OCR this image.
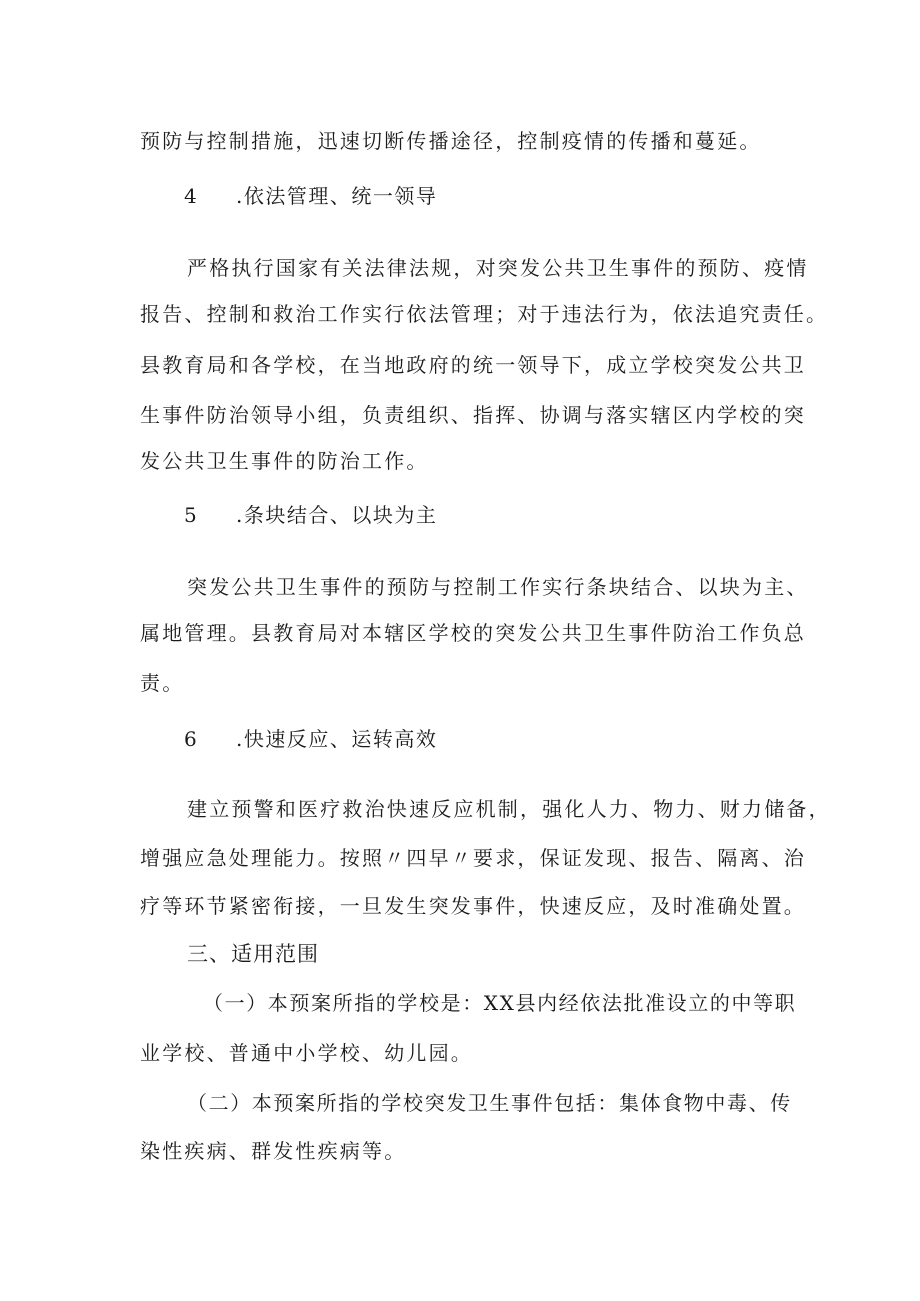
预防与控制措施，迅速切断传播途径，控制疫情的传播和蔓延。
4 .依法管理、统一领导
严格执行国家有关法律法规，对突发公共卫生事件的预防、疫情
报告、控制和救治工作实行依法管理；对于违法行为，依法追究责任。
县教育局和各学校，在当地政府的统一领导下，成立学校突发公共卫
生事件防治领导小组，负责组织、指挥、协调与落实辖区内学校的突
发公共卫生事件的防治工作。
5 .条块结合、以块为主
突发公共卫生事件的预防与控制工作实行条块结合、以块为主、
属地管理。县教育局对本辖区学校的突发公共卫生事件防治工作负总
责。
6 .快速反应、运转高效
建立预警和医疗救治快速反应机制，强化人力、物力、财力储备，
增强应急处理能力。按照〃四早〃要求，保证发现、报告、隔离、治
疗等环节紧密衔接，一旦发生突发事件，快速反应，及时准确处置。
三、适用范围
（一）本预案所指的学校是：XX县内经依法批准设立的中等职
业学校、普通中小学校、幼儿园。
（二）本预案所指的学校突发卫生事件包括：集体食物中毒、传
染性疾病、群发性疾病等。
